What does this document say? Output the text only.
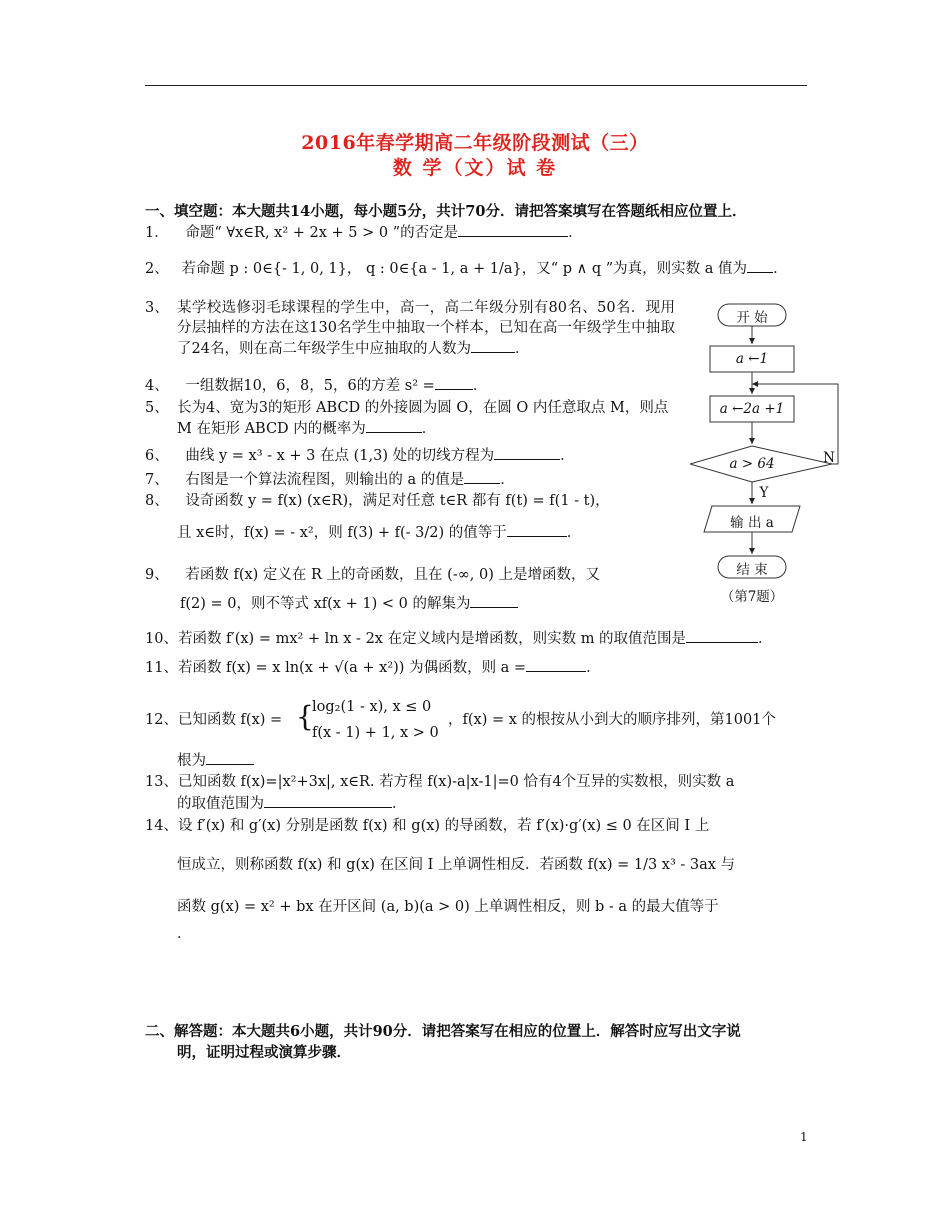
2016年春学期高二年级阶段测试（三）
数 学（文）试 卷
一、填空题：本大题共14小题，每小题5分，共计70分．请把答案填写在答题纸相应位置上．
1． 命题“ ∀x∈R, x² + 2x + 5 > 0 ”的否定是	．
2、 若命题 p : 0∈{- 1, 0, 1}， q : 0∈{a - 1, a + 1/a}，又“ p ∧ q ”为真，则实数 a 值为 ．
3、 某学校选修羽毛球课程的学生中，高一，高二年级分别有80名、50名．现用分层抽样的方法在这130名学生中抽取一个样本，已知在高一年级学生中抽取了24名，则在高二年级学生中应抽取的人数为	．
4、 一组数据10，6，8，5，6的方差 s² =	．
5、 长为4、宽为3的矩形 ABCD 的外接圆为圆 O，在圆 O 内任意取点 M，则点 M 在矩形 ABCD 内的概率为	．
6、 曲线 y = x³ - x + 3 在点 (1,3) 处的切线方程为	．
7、 右图是一个算法流程图，则输出的 a 的值是 ．
8、 设奇函数 y = f(x) (x∈R)，满足对任意 t∈R 都有 f(t) = f(1 - t)，
且 x∈时，f(x) = - x²，则 f(3) + f(- 3/2) 的值等于	．
9、 若函数 f(x) 定义在 R 上的奇函数，且在 (-∞, 0) 上是增函数，又
f(2) = 0，则不等式 xf(x + 1) < 0 的解集为
10、若函数 f′(x) = mx² + ln x - 2x 在定义域内是增函数，则实数 m 的取值范围是	．
11、若函数 f(x) = x ln(x + √(a + x²)) 为偶函数，则 a =	．
12、已知函数 f(x) = {
log₂(1 - x), x ≤ 0
f(x - 1) + 1, x > 0
，f(x) = x 的根按从小到大的顺序排列，第1001个
根为
13、已知函数 f(x)=|x²+3x|, x∈R. 若方程 f(x)-a|x-1|=0 恰有4个互异的实数根，则实数 a
的取值范围为	．
14、设 f′(x) 和 g′(x) 分别是函数 f(x) 和 g(x) 的导函数，若 f′(x)·g′(x) ≤ 0 在区间 I 上
恒成立，则称函数 f(x) 和 g(x) 在区间 I 上单调性相反．若函数 f(x) = 1/3 x³ - 3ax 与
函数 g(x) = x² + bx 在开区间 (a, b)(a > 0) 上单调性相反，则 b - a 的最大值等于
．
二、解答题：本大题共6小题，共计90分．请把答案写在相应的位置上．解答时应写出文字说
明，证明过程或演算步骤．
1
开 始
a ←1
a ←2a +1
a > 64	N
Y
输 出 a
结 束
（第7题）
